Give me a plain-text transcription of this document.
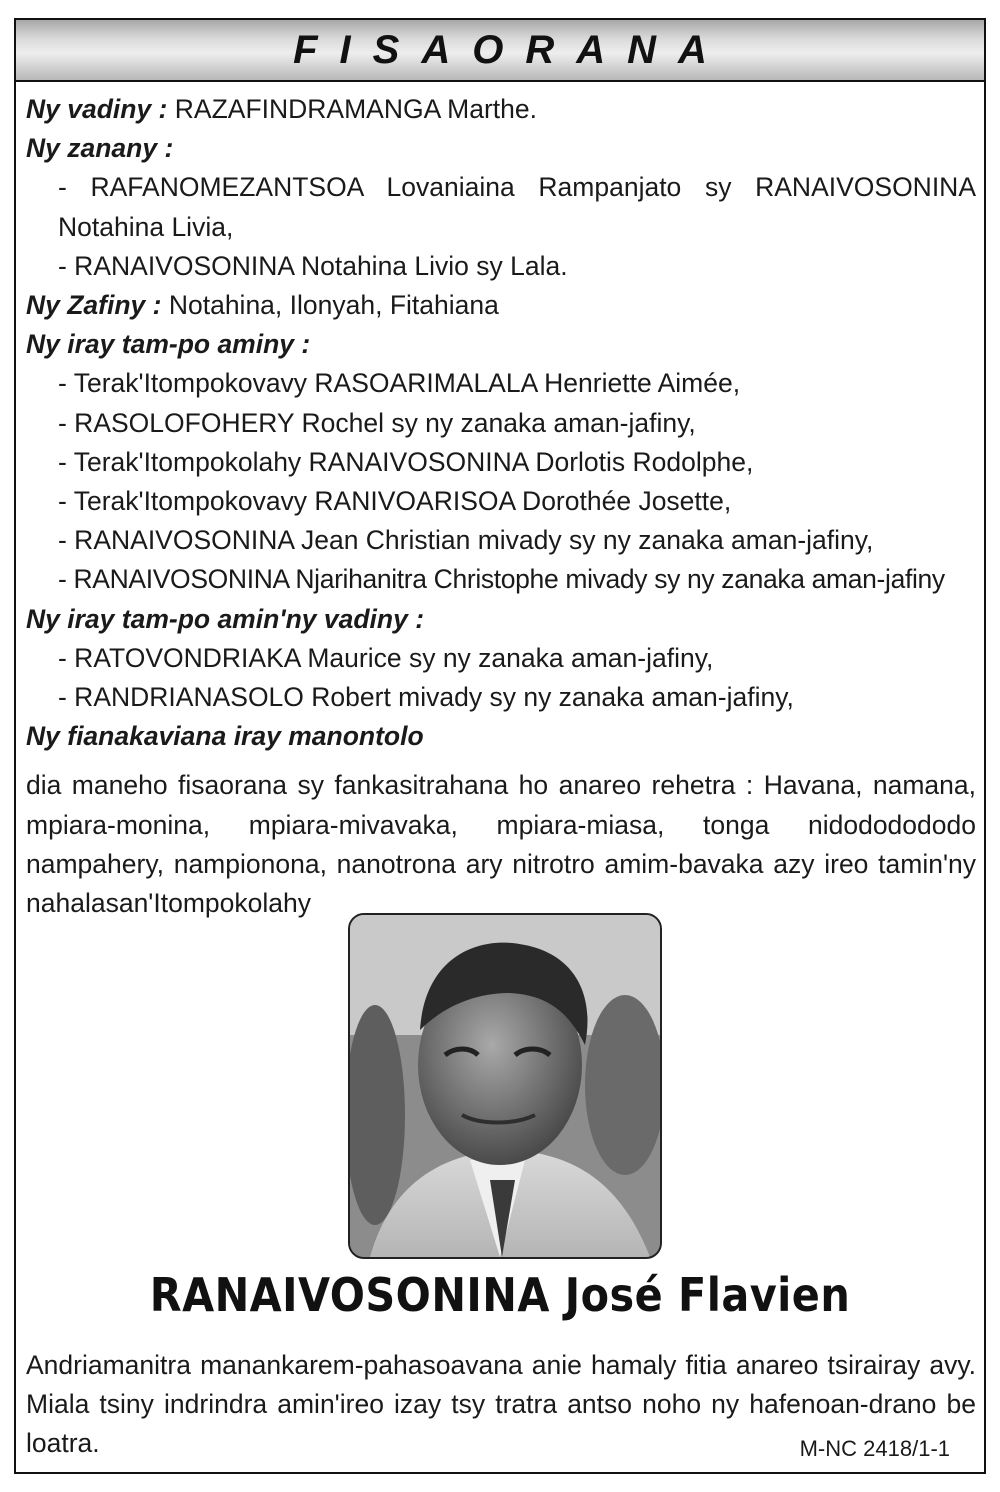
FISAORANA
Ny vadiny : RAZAFINDRAMANGA Marthe.
Ny zanany :
- RAFANOMEZANTSOA Lovaniaina Rampanjato sy RANAIVOSONINA
Notahina Livia,
- RANAIVOSONINA Notahina Livio sy Lala.
Ny Zafiny : Notahina, Ilonyah, Fitahiana
Ny iray tam-po aminy :
- Terak'Itompokovavy RASOARIMALALA Henriette Aimée,
- RASOLOFOHERY Rochel sy ny zanaka aman-jafiny,
- Terak'Itompokolahy RANAIVOSONINA Dorlotis Rodolphe,
- Terak'Itompokovavy RANIVOARISOA Dorothée Josette,
- RANAIVOSONINA Jean Christian mivady sy ny zanaka aman-jafiny,
- RANAIVOSONINA Njarihanitra Christophe mivady sy ny zanaka aman-jafiny
Ny iray tam-po amin'ny vadiny :
- RATOVONDRIAKA Maurice sy ny zanaka aman-jafiny,
- RANDRIANASOLO Robert mivady sy ny zanaka aman-jafiny,
Ny fianakaviana iray manontolo
dia maneho fisaorana sy fankasitrahana ho anareo rehetra : Havana, namana, mpiara-monina, mpiara-mivavaka, mpiara-miasa, tonga nidododododo nampahery, nampionona, nanotrona ary nitrotro amim-bavaka azy ireo tamin'ny nahalasan'Itompokolahy
RANAIVOSONINA José Flavien
Andriamanitra manankarem-pahasoavana anie hamaly fitia anareo tsirairay avy. Miala tsiny indrindra amin'ireo izay tsy tratra antso noho ny hafenoan-drano be loatra.	M-NC 2418/1-1
